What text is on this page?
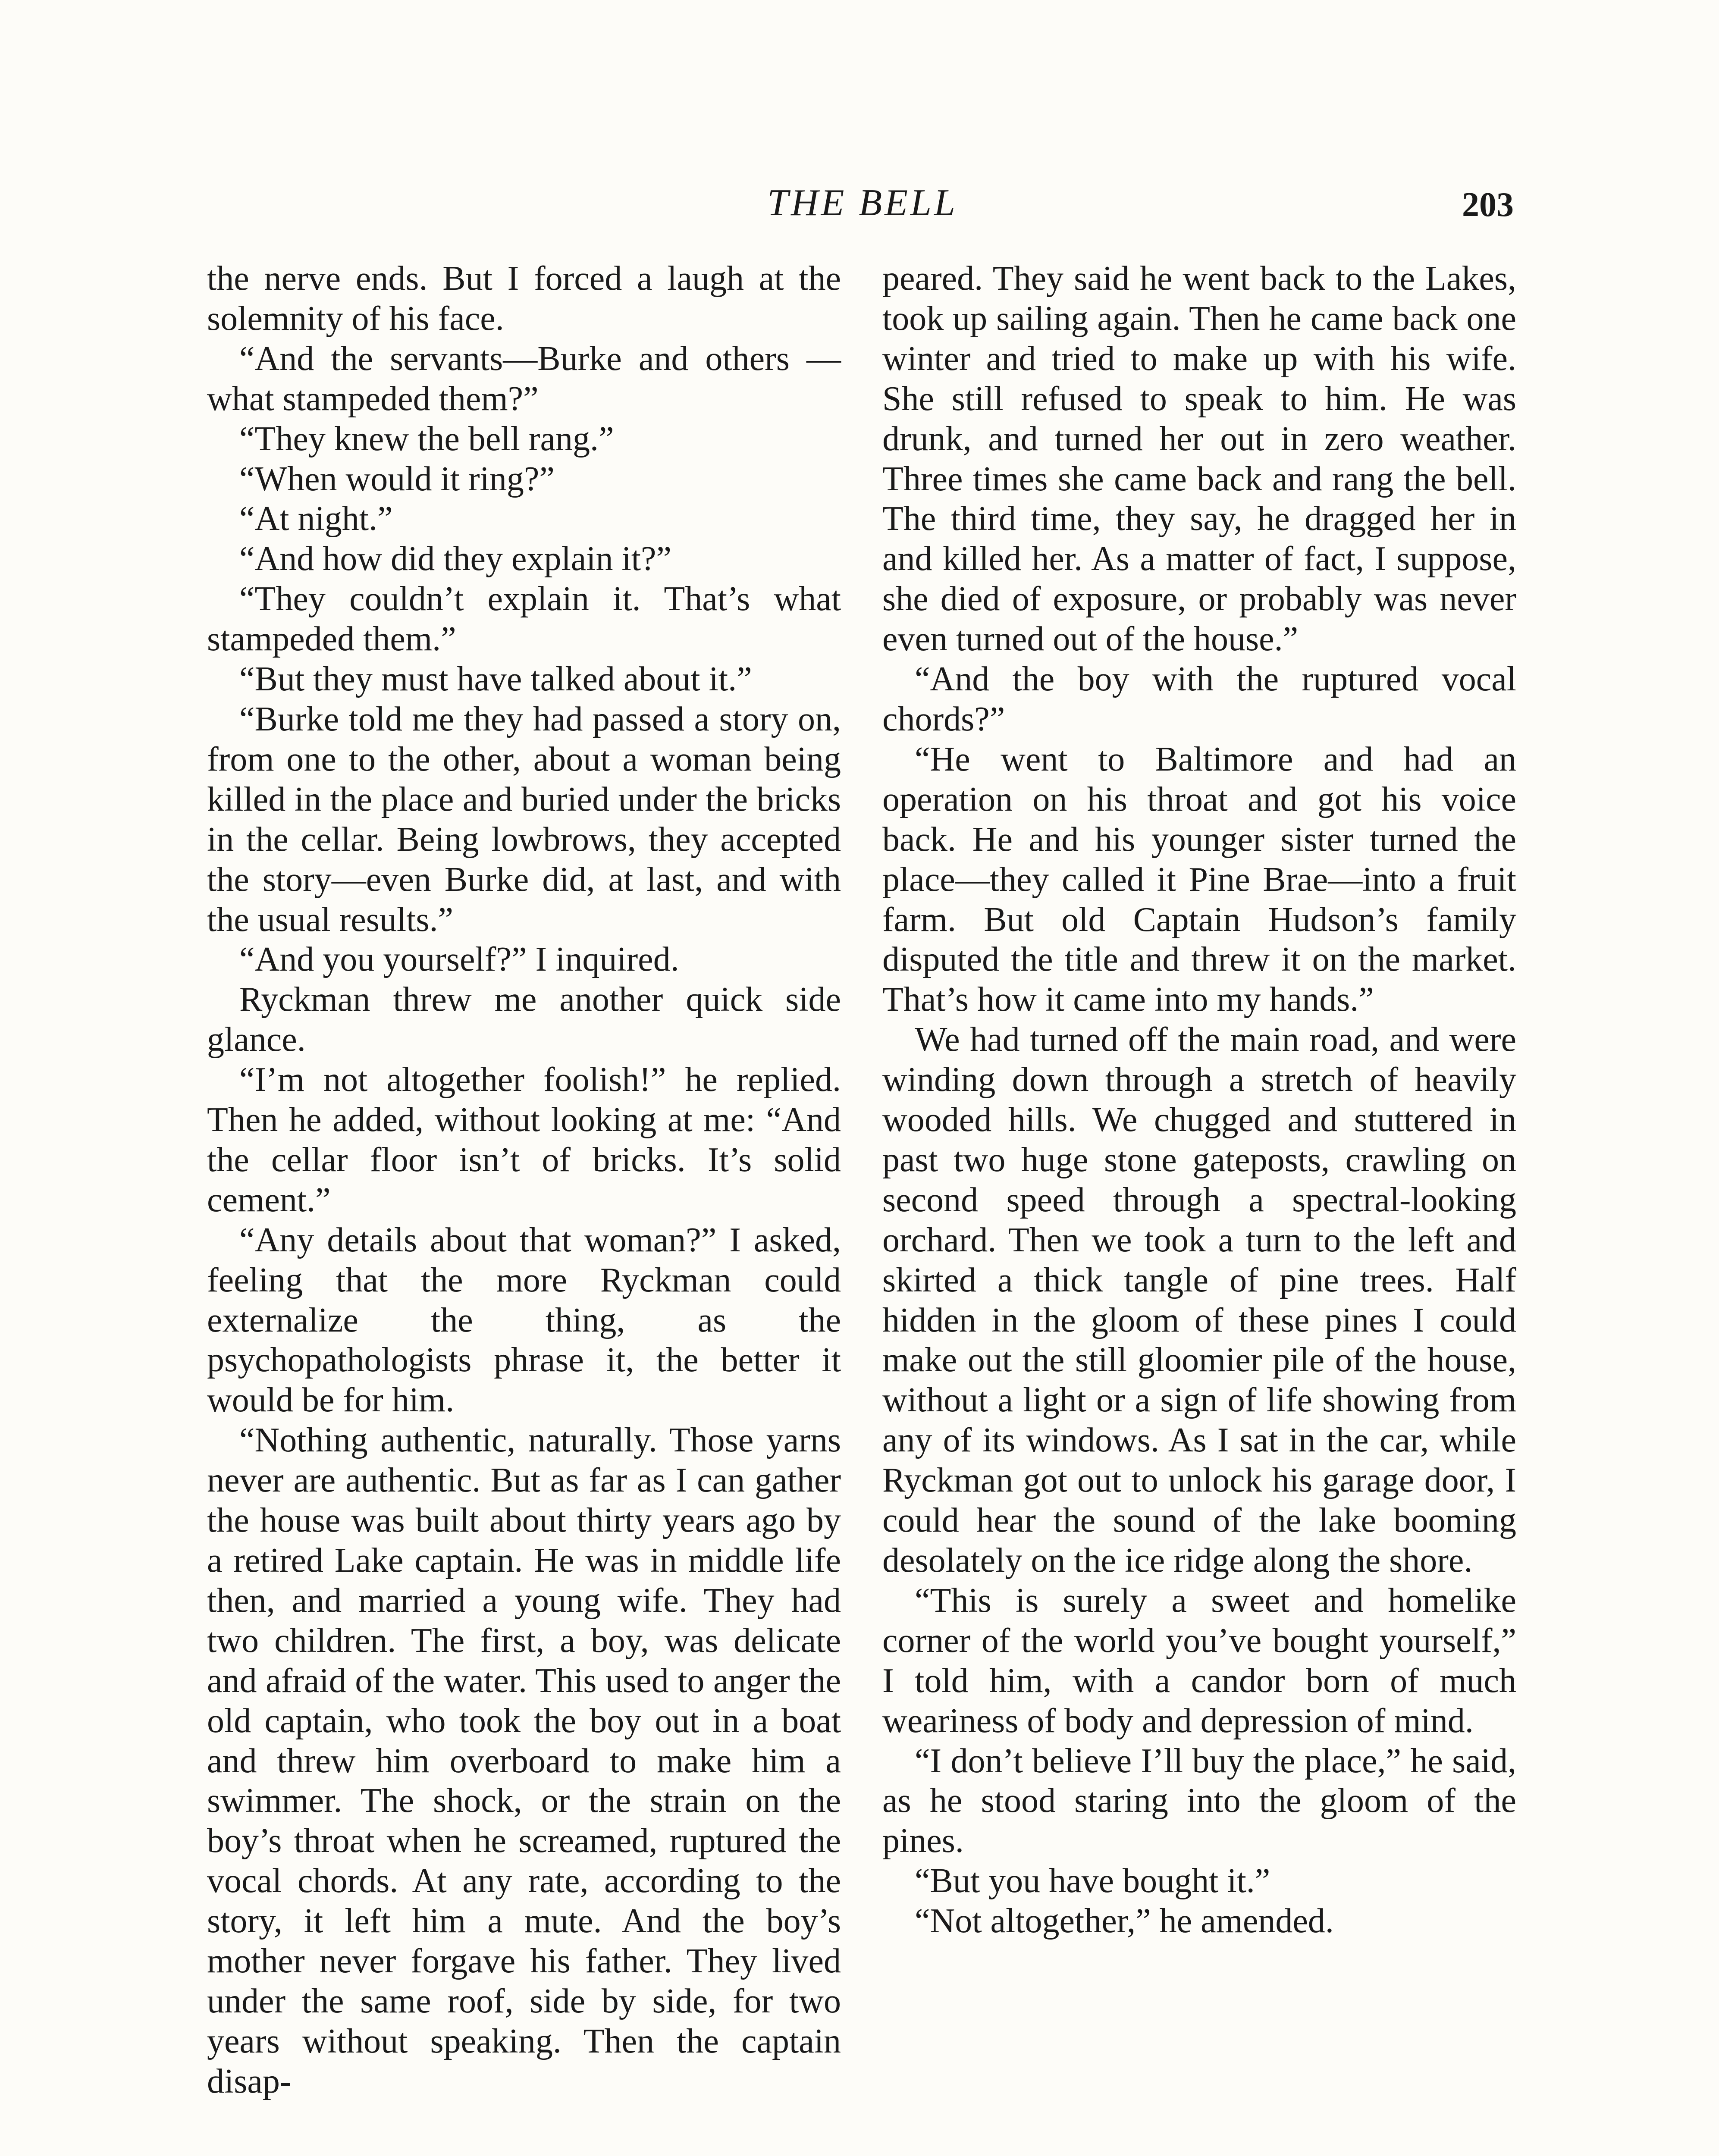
THE BELL	203

the nerve ends. But I forced a laugh at the solemnity of his face.

“And the servants—Burke and others —what stampeded them?”

“They knew the bell rang.”

“When would it ring?”

“At night.”

“And how did they explain it?”

“They couldn’t explain it. That’s what stampeded them.”

“But they must have talked about it.”

“Burke told me they had passed a story on, from one to the other, about a woman being killed in the place and buried under the bricks in the cellar. Being lowbrows, they accepted the story—even Burke did, at last, and with the usual results.”

“And you yourself?” I inquired.

Ryckman threw me another quick side glance.

“I’m not altogether foolish!” he replied. Then he added, without looking at me: “And the cellar floor isn’t of bricks. It’s solid cement.”

“Any details about that woman?” I asked, feeling that the more Ryckman could externalize the thing, as the psychopathologists phrase it, the better it would be for him.

“Nothing authentic, naturally. Those yarns never are authentic. But as far as I can gather the house was built about thirty years ago by a retired Lake captain. He was in middle life then, and married a young wife. They had two children. The first, a boy, was delicate and afraid of the water. This used to anger the old captain, who took the boy out in a boat and threw him overboard to make him a swimmer. The shock, or the strain on the boy’s throat when he screamed, ruptured the vocal chords. At any rate, according to the story, it left him a mute. And the boy’s mother never forgave his father. They lived under the same roof, side by side, for two years without speaking. Then the captain disap-

peared. They said he went back to the Lakes, took up sailing again. Then he came back one winter and tried to make up with his wife. She still refused to speak to him. He was drunk, and turned her out in zero weather. Three times she came back and rang the bell. The third time, they say, he dragged her in and killed her. As a matter of fact, I suppose, she died of exposure, or probably was never even turned out of the house.”

“And the boy with the ruptured vocal chords?”

“He went to Baltimore and had an operation on his throat and got his voice back. He and his younger sister turned the place—they called it Pine Brae—into a fruit farm. But old Captain Hudson’s family disputed the title and threw it on the market. That’s how it came into my hands.”

We had turned off the main road, and were winding down through a stretch of heavily wooded hills. We chugged and stuttered in past two huge stone gateposts, crawling on second speed through a spectral-looking orchard. Then we took a turn to the left and skirted a thick tangle of pine trees. Half hidden in the gloom of these pines I could make out the still gloomier pile of the house, without a light or a sign of life showing from any of its windows. As I sat in the car, while Ryckman got out to unlock his garage door, I could hear the sound of the lake booming desolately on the ice ridge along the shore.

“This is surely a sweet and homelike corner of the world you’ve bought yourself,” I told him, with a candor born of much weariness of body and depression of mind.

“I don’t believe I’ll buy the place,” he said, as he stood staring into the gloom of the pines.

“But you have bought it.”

“Not altogether,” he amended.
